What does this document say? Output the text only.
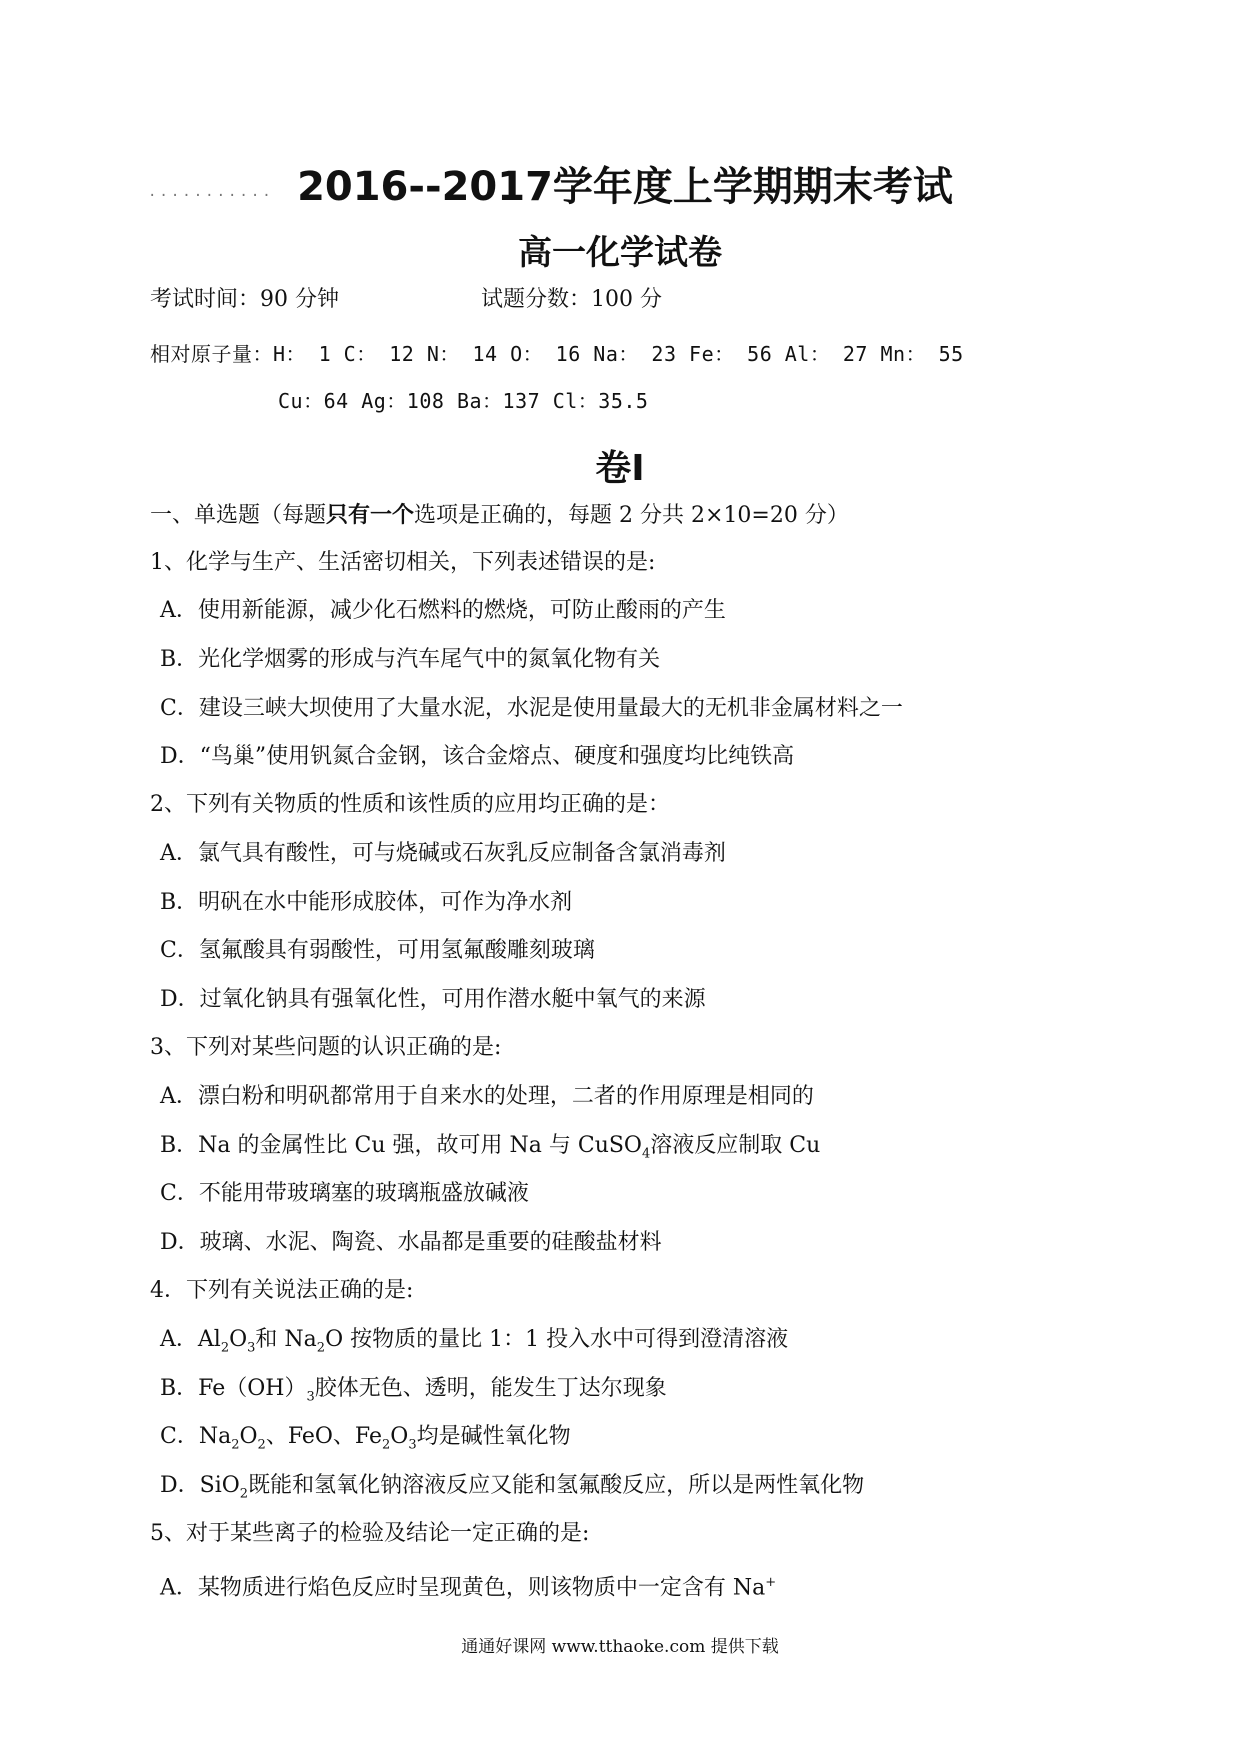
........... 2016--2017学年度上学期期末考试
高一化学试卷
考试时间：90 分钟	试题分数：100 分
相对原子量：H： 1 C： 12 N： 14 O： 16 Na： 23 Fe： 56 Al： 27 Mn： 55
Cu：64 Ag：108 Ba：137 Cl：35.5
卷Ⅰ
一、单选题（每题只有一个选项是正确的，每题 2 分共 2×10=20 分）
1、化学与生产、生活密切相关，下列表述错误的是:
A．使用新能源，减少化石燃料的燃烧，可防止酸雨的产生
B．光化学烟雾的形成与汽车尾气中的氮氧化物有关
C．建设三峡大坝使用了大量水泥，水泥是使用量最大的无机非金属材料之一
D．“鸟巢”使用钒氮合金钢，该合金熔点、硬度和强度均比纯铁高
2、下列有关物质的性质和该性质的应用均正确的是：
A．氯气具有酸性，可与烧碱或石灰乳反应制备含氯消毒剂
B．明矾在水中能形成胶体，可作为净水剂
C．氢氟酸具有弱酸性，可用氢氟酸雕刻玻璃
D．过氧化钠具有强氧化性，可用作潜水艇中氧气的来源
3、下列对某些问题的认识正确的是:
A．漂白粉和明矾都常用于自来水的处理，二者的作用原理是相同的
B．Na 的金属性比 Cu 强，故可用 Na 与 CuSO$_4$溶液反应制取 Cu
C．不能用带玻璃塞的玻璃瓶盛放碱液
D．玻璃、水泥、陶瓷、水晶都是重要的硅酸盐材料
4．下列有关说法正确的是:
A．$Al_2O_3$和 $Na_2O$ 按物质的量比 1：1 投入水中可得到澄清溶液
B．$Fe(OH)_3$胶体无色、透明，能发生丁达尔现象
C．$Na_2O_2$、FeO、$Fe_2O_3$均是碱性氧化物
D．SiO$_2$既能和氢氧化钠溶液反应又能和氢氟酸反应，所以是两性氧化物
5、对于某些离子的检验及结论一定正确的是:
A．某物质进行焰色反应时呈现黄色，则该物质中一定含有 Na+
通通好课网 www.tthaoke.com 提供下载
